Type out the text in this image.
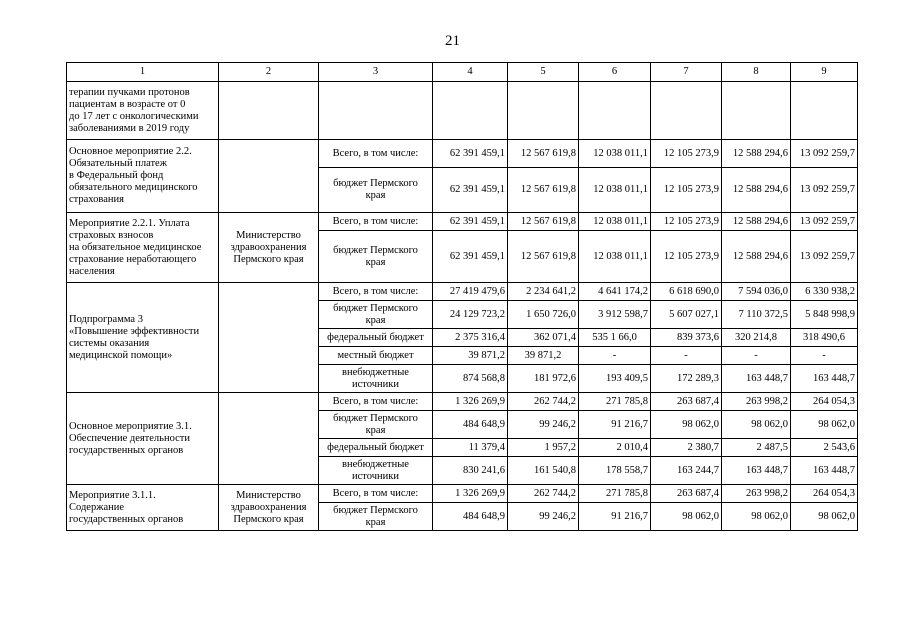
21
1	2	3	4	5	6	7	8	9
терапии пучками протонов
пациентам в возрасте от 0
до 17 лет с онкологическими
заболеваниями в 2019 году								
Основное мероприятие 2.2.
Обязательный платеж
в Федеральный фонд
обязательного медицинского
страхования		Всего, в том числе:	62 391 459,1	12 567 619,8	12 038 011,1	12 105 273,9	12 588 294,6	13 092 259,7
		бюджет Пермского
края	62 391 459,1	12 567 619,8	12 038 011,1	12 105 273,9	12 588 294,6	13 092 259,7
Мероприятие 2.2.1. Уплата
страховых взносов
на обязательное медицинское
страхование неработающего
населения	Министерство
здравоохранения
Пермского края	Всего, в том числе:	62 391 459,1	12 567 619,8	12 038 011,1	12 105 273,9	12 588 294,6	13 092 259,7
		бюджет Пермского
края	62 391 459,1	12 567 619,8	12 038 011,1	12 105 273,9	12 588 294,6	13 092 259,7
Подпрограмма 3
«Повышение эффективности
системы оказания
медицинской помощи»		Всего, в том числе:	27 419 479,6	2 234 641,2	4 641 174,2	6 618 690,0	7 594 036,0	6 330 938,2
		бюджет Пермского
края	24 129 723,2	1 650 726,0	3 912 598,7	5 607 027,1	7 110 372,5	5 848 998,9
		федеральный бюджет	2 375 316,4	362 071,4	535 1 66,0	839 373,6	320 214,8	318 490,6
		местный бюджет	39 871,2	39 871,2	-	-	-	-
		внебюджетные
источники	874 568,8	181 972,6	193 409,5	172 289,3	163 448,7	163 448,7
Основное мероприятие 3.1.
Обеспечение деятельности
государственных органов		Всего, в том числе:	1 326 269,9	262 744,2	271 785,8	263 687,4	263 998,2	264 054,3
		бюджет Пермского
края	484 648,9	99 246,2	91 216,7	98 062,0	98 062,0	98 062,0
		федеральный бюджет	11 379,4	1 957,2	2 010,4	2 380,7	2 487,5	2 543,6
		внебюджетные
источники	830 241,6	161 540,8	178 558,7	163 244,7	163 448,7	163 448,7
Мероприятие 3.1.1.
Содержание
государственных органов	Министерство
здравоохранения
Пермского края	Всего, в том числе:	1 326 269,9	262 744,2	271 785,8	263 687,4	263 998,2	264 054,3
		бюджет Пермского
края	484 648,9	99 246,2	91 216,7	98 062,0	98 062,0	98 062,0
